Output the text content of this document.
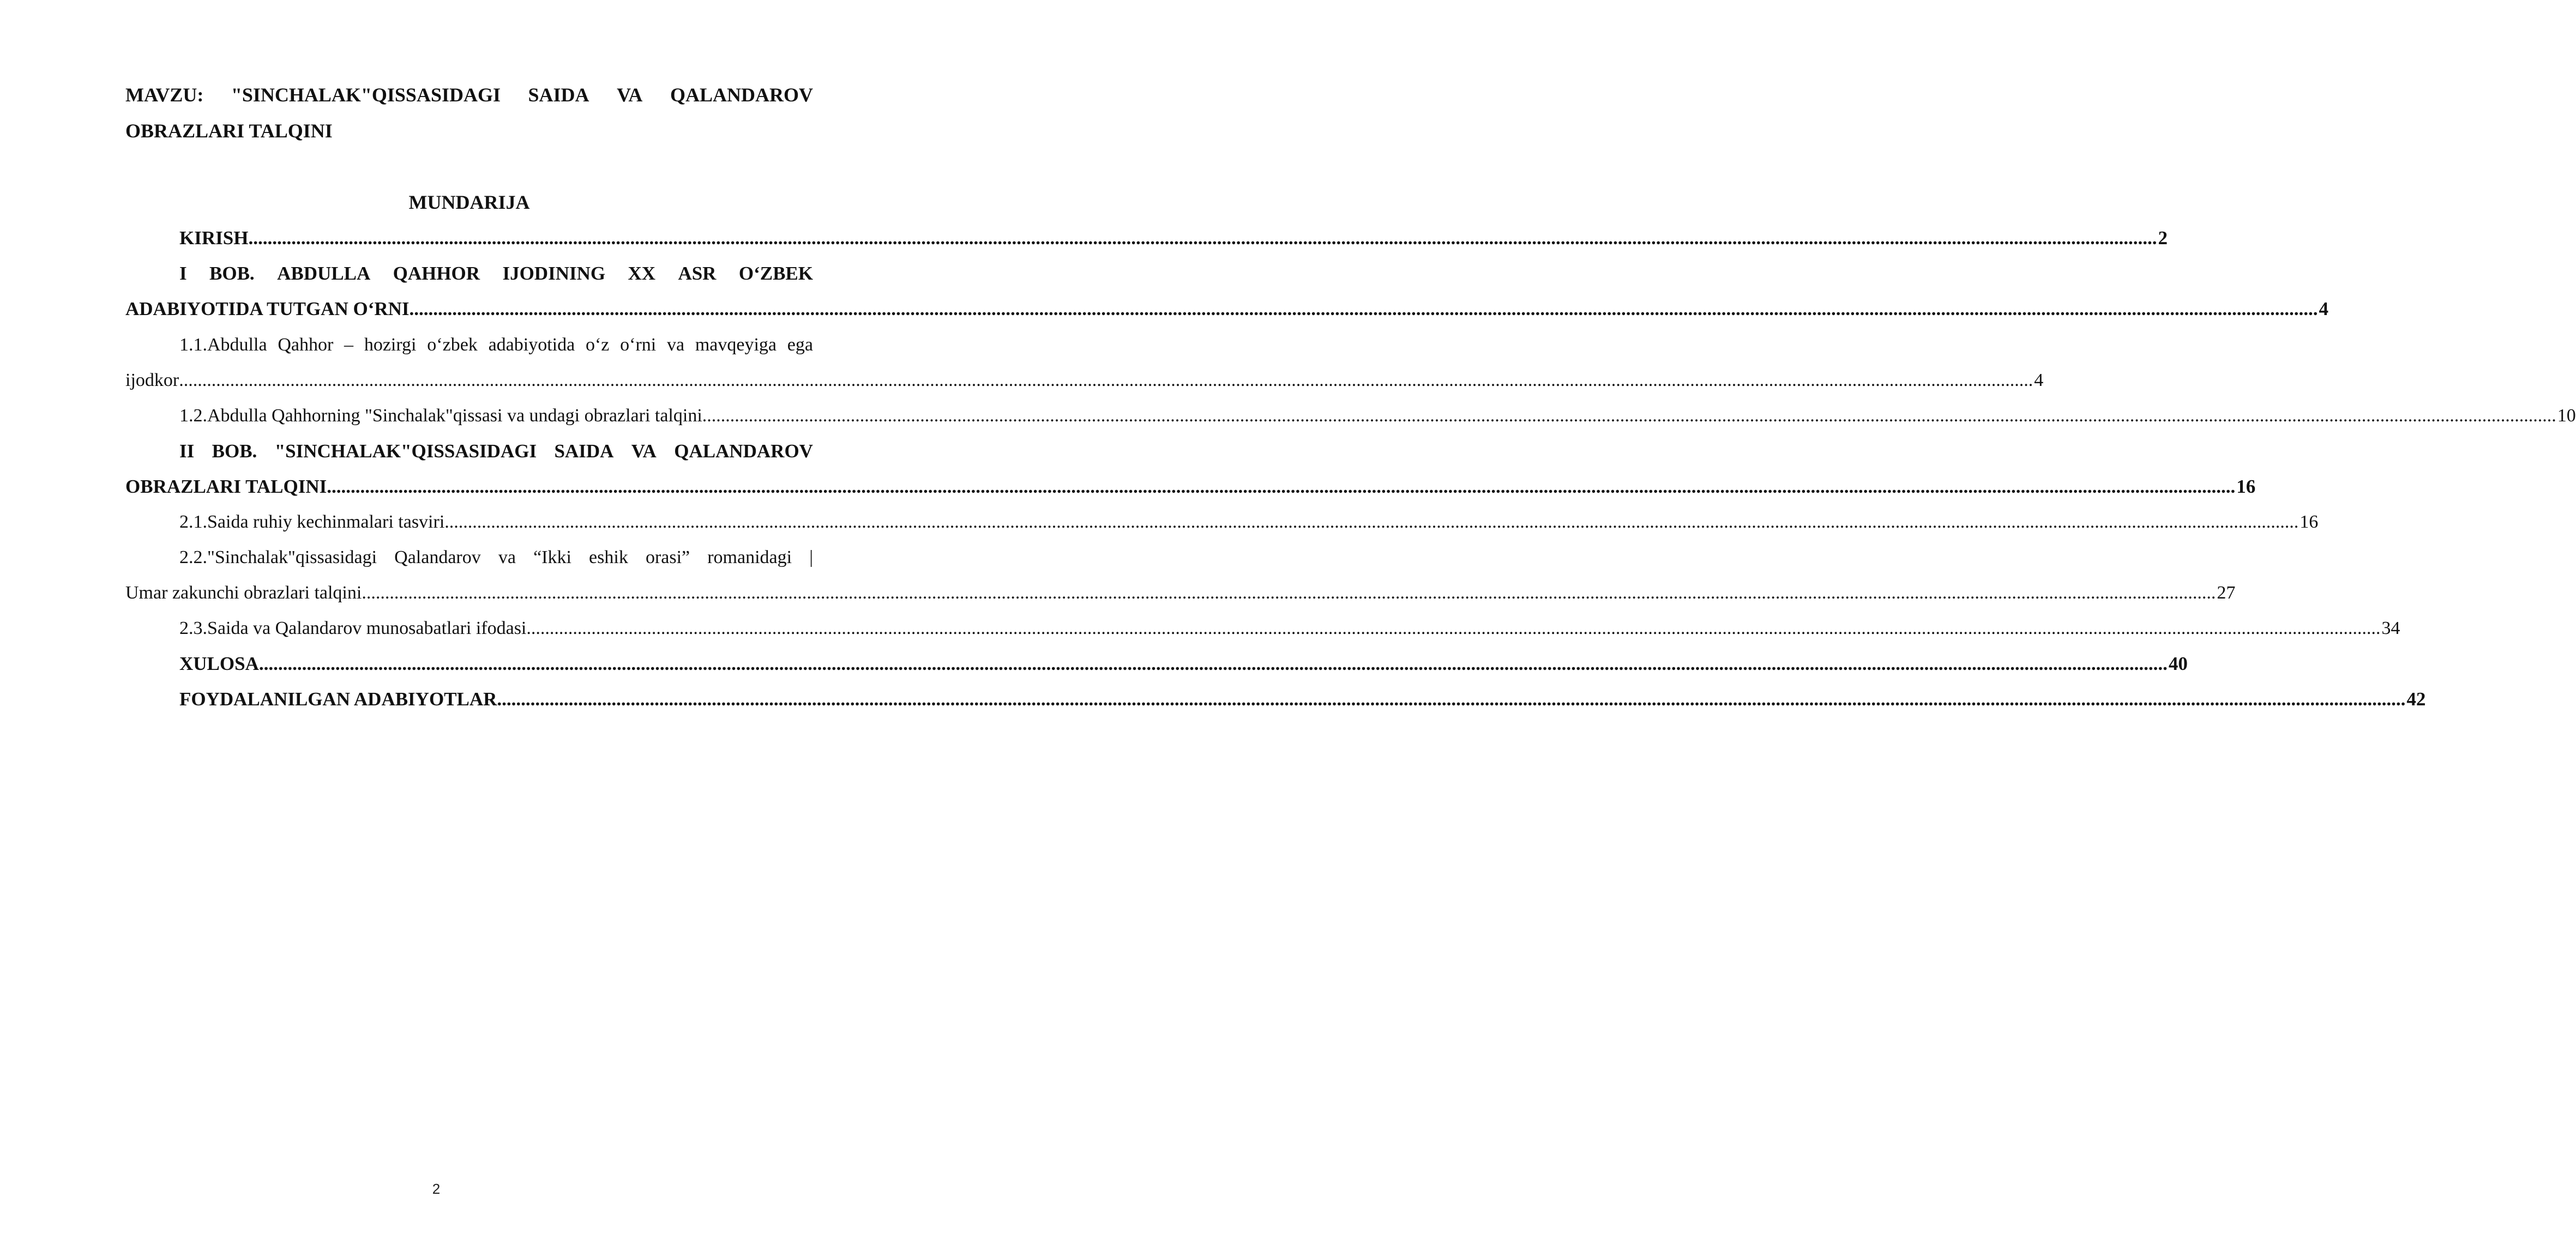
MAVZU: "SINCHALAK"QISSASIDAGI SAIDA VA QALANDAROV
OBRAZLARI TALQINI
MUNDARIJA
KIRISH ................................................................................................................................................................................................................................................................................................................................................................................................................ 2
I BOB. ABDULLA QAHHOR IJODINING XX ASR O‘ZBEK
ADABIYOTIDA TUTGAN O‘RNI ................................................................................................................................................................................................................................................................................................................................................................................................................ 4
1.1.Abdulla Qahhor – hozirgi o‘zbek adabiyotida o‘z o‘rni va mavqeyiga ega
ijodkor ................................................................................................................................................................................................................................................................................................................................................................................................................ 4
1.2.Abdulla Qahhorning "Sinchalak"qissasi va undagi obrazlari talqini ................................................................................................................................................................................................................................................................................................................................................................................................................ 10
II BOB. "SINCHALAK"QISSASIDAGI SAIDA VA QALANDAROV
OBRAZLARI TALQINI ................................................................................................................................................................................................................................................................................................................................................................................................................ 16
2.1.Saida ruhiy kechinmalari tasviri ................................................................................................................................................................................................................................................................................................................................................................................................................ 16
2.2."Sinchalak"qissasidagi Qalandarov va “Ikki eshik orasi” romanidagi |
Umar zakunchi obrazlari talqini ................................................................................................................................................................................................................................................................................................................................................................................................................ 27
2.3.Saida va Qalandarov munosabatlari ifodasi ................................................................................................................................................................................................................................................................................................................................................................................................................ 34
XULOSA ................................................................................................................................................................................................................................................................................................................................................................................................................ 40
FOYDALANILGAN ADABIYOTLAR ................................................................................................................................................................................................................................................................................................................................................................................................................ 42
2
